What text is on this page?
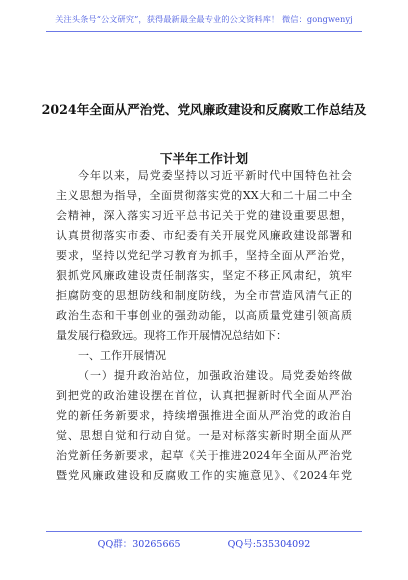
关注头条号“公文研究”，获得最新最全最专业的公文资料库！ 微信：gongwenyj
2024年全面从严治党、党风廉政建设和反腐败工作总结及
下半年工作计划
今年以来，局党委坚持以习近平新时代中国特色社会
主义思想为指导，全面贯彻落实党的XX大和二十届二中全
会精神，深入落实习近平总书记关于党的建设重要思想，
认真贯彻落实市委、市纪委有关开展党风廉政建设部署和
要求，坚持以党纪学习教育为抓手，坚持全面从严治党，
狠抓党风廉政建设责任制落实，坚定不移正风肃纪，筑牢
拒腐防变的思想防线和制度防线，为全市营造风清气正的
政治生态和干事创业的强劲动能，以高质量党建引领高质
量发展行稳致远。现将工作开展情况总结如下：
一、工作开展情况
（一）提升政治站位，加强政治建设。局党委始终做
到把党的政治建设摆在首位，认真把握新时代全面从严治
党的新任务新要求，持续增强推进全面从严治党的政治自
觉、思想自觉和行动自觉。一是对标落实新时期全面从严
治党新任务新要求，起草《关于推进2024年全面从严治党
暨党风廉政建设和反腐败工作的实施意见》、《2024年党
QQ群：30265665	QQ号:535304092
